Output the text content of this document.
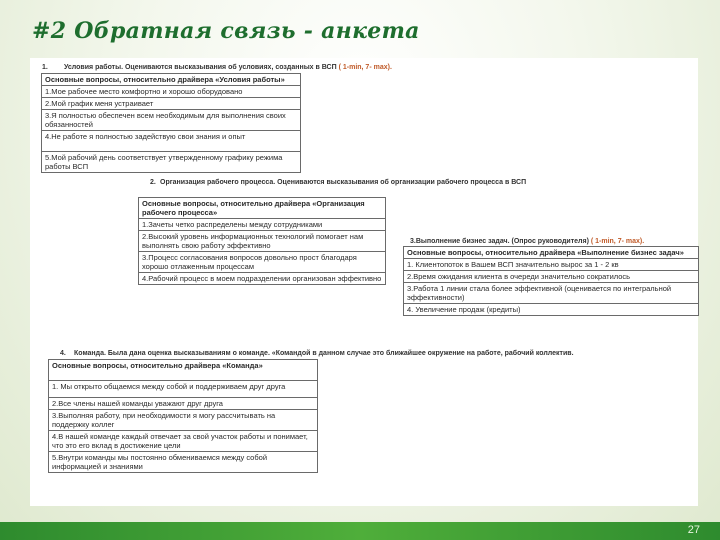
#2 Обратная связь - анкета
1. Условия работы. Оцениваются высказывания об условиях, созданных в ВСП ( 1-min, 7- max).
Основные вопросы, относительно драйвера «Условия работы»
1.Мое рабочее место комфортно и хорошо оборудовано
2.Мой график меня устраивает
3.Я полностью обеспечен всем необходимым для выполнения своих обязанностей
4.Не работе я полностью задействую свои знания и опыт
5.Мой рабочий день соответствует утвержденному графику режима работы ВСП
2. Организация рабочего процесса. Оцениваются высказывания об организации рабочего процесса в ВСП
Основные вопросы, относительно драйвера «Организация рабочего процесса»
1.Зачеты четко распределены между сотрудниками
2.Высокий уровень информационных технологий помогает нам выполнять свою работу эффективно
3.Процесс согласования вопросов довольно прост благодаря хорошо отлаженным процессам
4.Рабочий процесс в моем подразделении организован эффективно
3.Выполнение бизнес задач. (Опрос руководителя) ( 1-min, 7- max).
Основные вопросы, относительно драйвера «Выполнение бизнес задач»
1. Клиентопоток в Вашем ВСП значительно вырос за 1 - 2 кв
2.Время ожидания клиента в очереди значительно сократилось
3.Работа 1 линии стала более эффективной (оценивается по интегральной эффективности)
4. Увеличение продаж (кредиты)
4. Команда. Была дана оценка высказываниям о команде. «Командой в данном случае это ближайшее окружение на работе, рабочий коллектив.
Основные вопросы, относительно драйвера «Команда»
1. Мы открыто общаемся между собой и поддерживаем друг друга
2.Все члены нашей команды уважают друг друга
3.Выполняя работу, при необходимости я могу рассчитывать на поддержку коллег
4.В нашей команде каждый отвечает за свой участок работы и понимает, что это его вклад в достижение цели
5.Внутри команды мы постоянно обмениваемся между собой информацией и знаниями
27
